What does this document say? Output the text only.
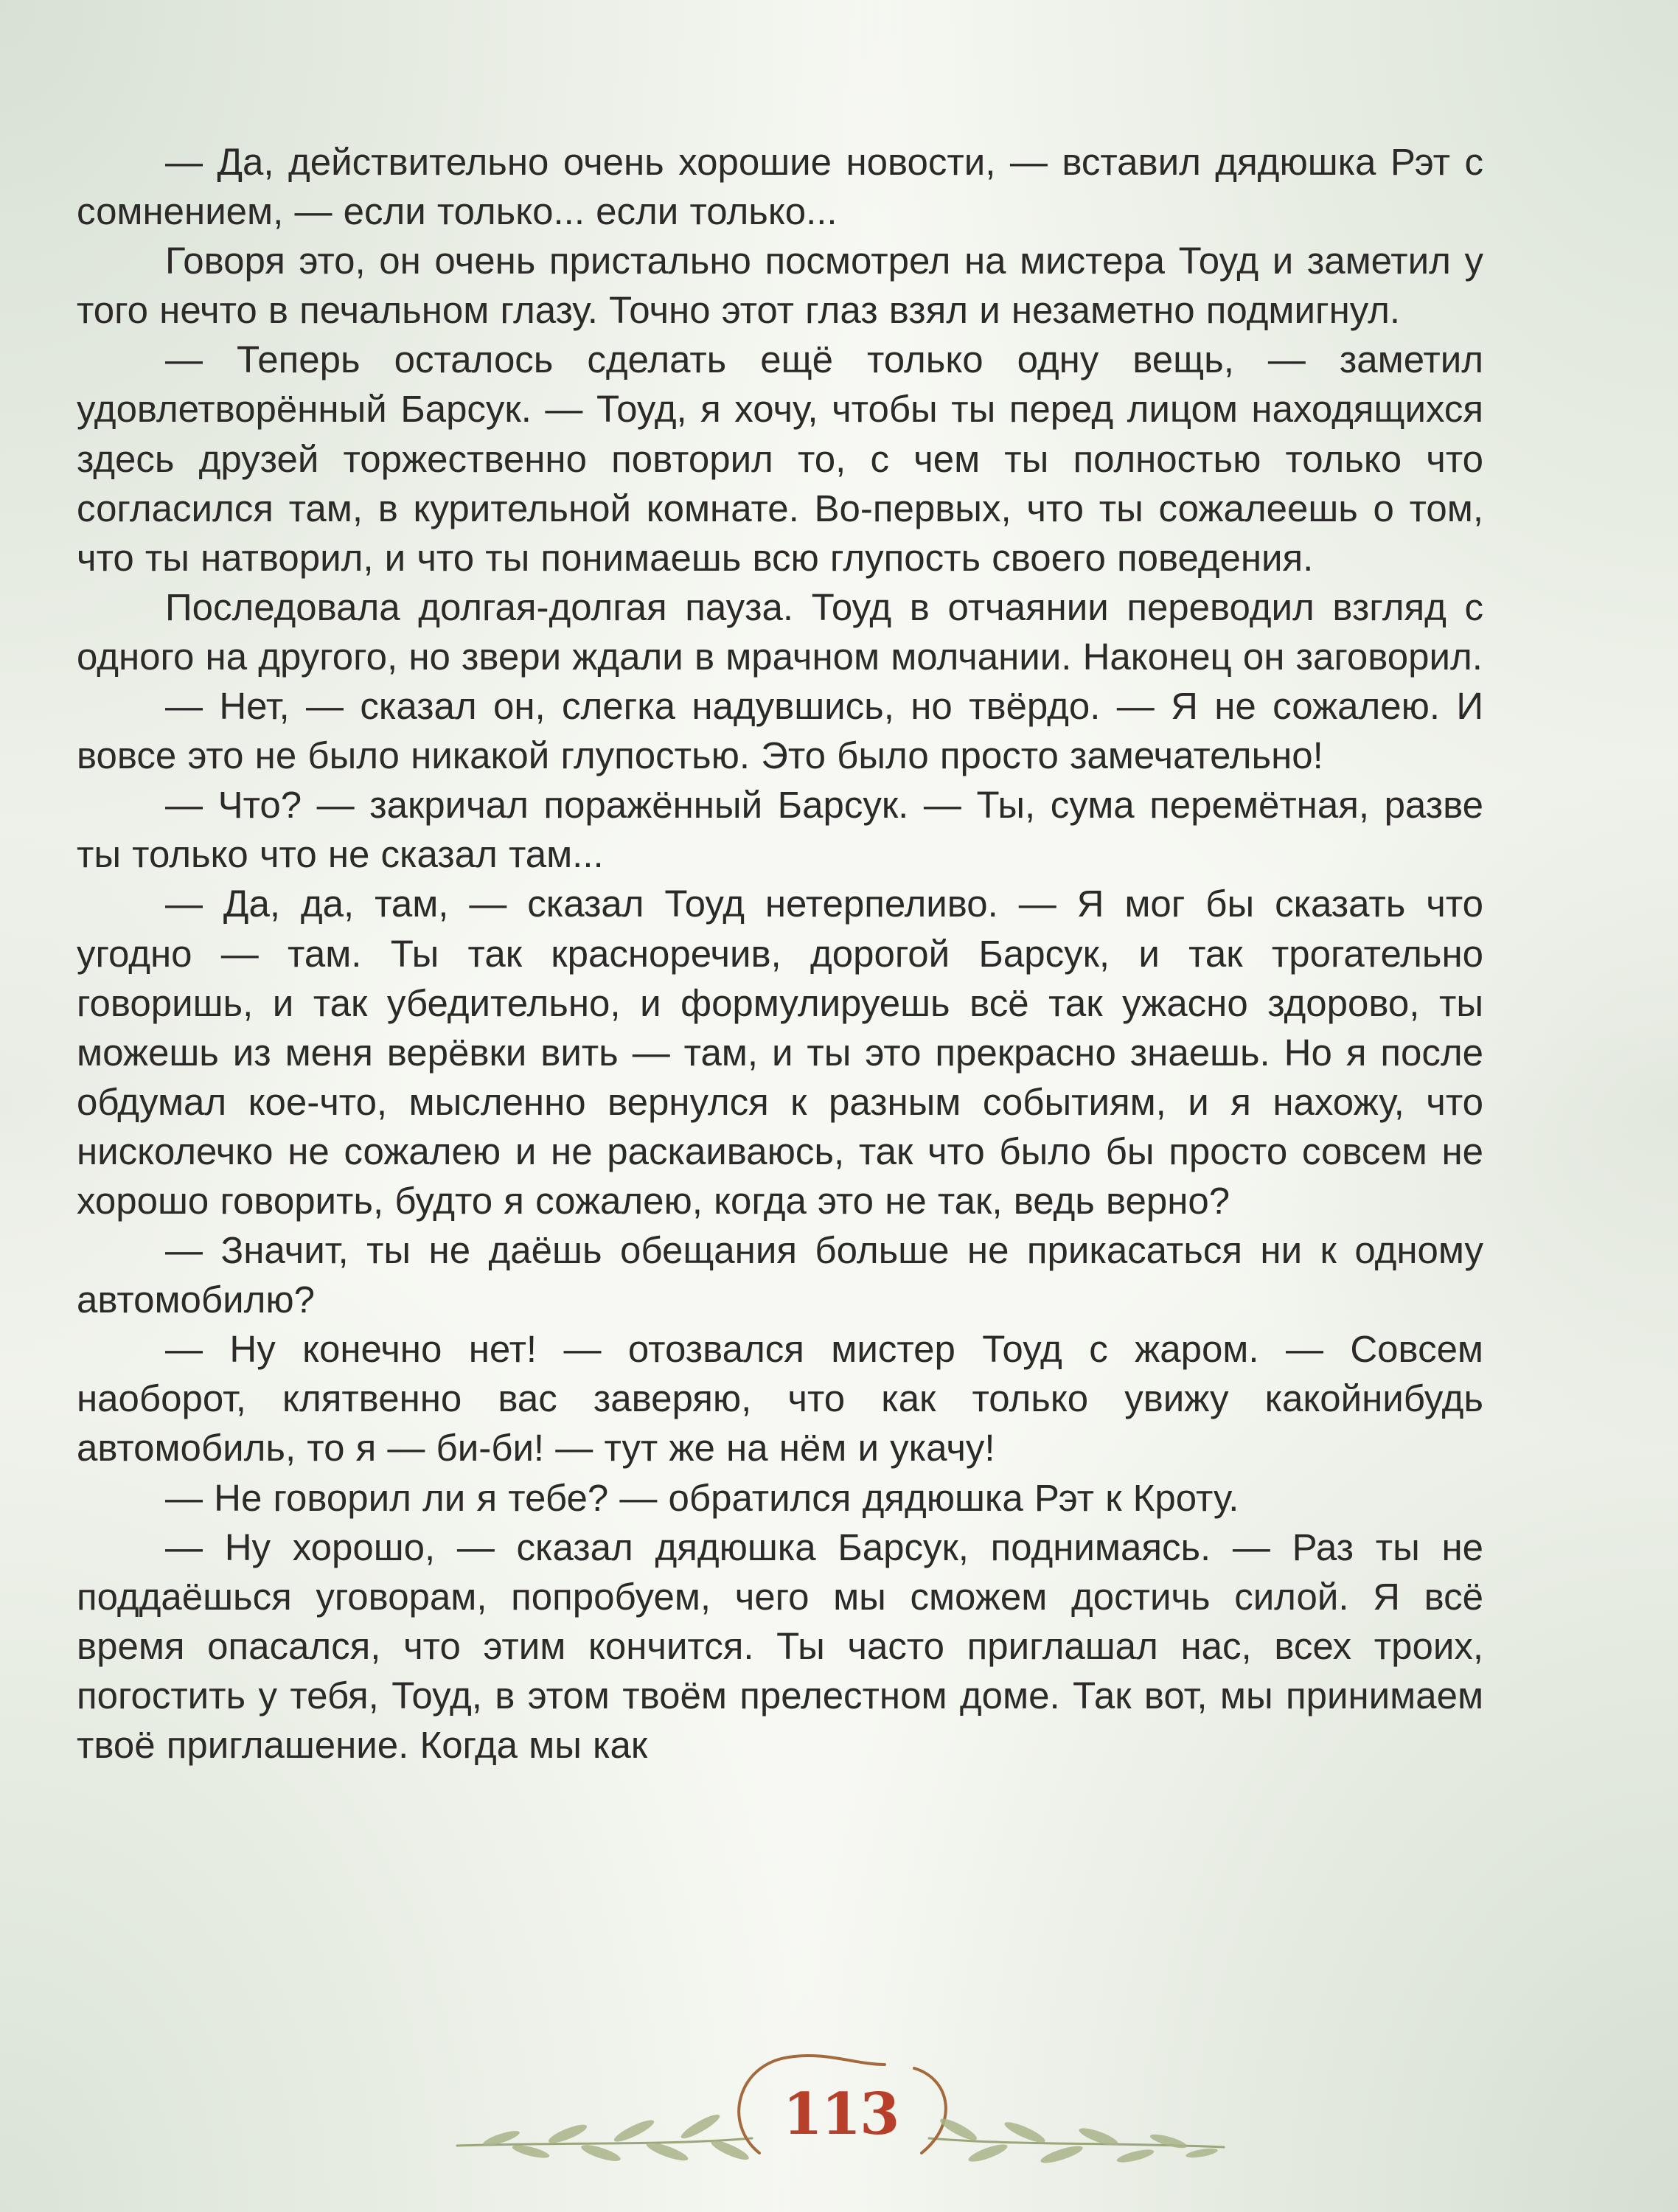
— Да, действительно очень хорошие новости, — вставил дядюшка Рэт с сомнением, — если только... если только...

Говоря это, он очень пристально посмотрел на мистера Тоуд и заметил у того нечто в печальном глазу. Точно этот глаз взял и незаметно подмигнул.

— Теперь осталось сделать ещё только одну вещь, — заметил удовлетворённый Барсук. — Тоуд, я хочу, чтобы ты перед лицом находящихся здесь друзей торжественно повторил то, с чем ты полностью только что согласился там, в курительной комнате. Во-первых, что ты сожалеешь о том, что ты натворил, и что ты понимаешь всю глупость своего поведения.

Последовала долгая-долгая пауза. Тоуд в отчаянии переводил взгляд с одного на другого, но звери ждали в мрачном молчании. Наконец он заговорил.

— Нет, — сказал он, слегка надувшись, но твёрдо. — Я не сожалею. И вовсе это не было никакой глупостью. Это было просто замечательно!

— Что? — закричал поражённый Барсук. — Ты, сума перемётная, разве ты только что не сказал там...

— Да, да, там, — сказал Тоуд нетерпеливо. — Я мог бы сказать что угодно — там. Ты так красноречив, дорогой Барсук, и так трогательно говоришь, и так убедительно, и формулируешь всё так ужасно здорово, ты можешь из меня верёвки вить — там, и ты это прекрасно знаешь. Но я после обдумал кое-что, мысленно вернулся к разным событиям, и я нахожу, что нисколечко не сожалею и не раскаиваюсь, так что было бы просто совсем не хорошо говорить, будто я сожалею, когда это не так, ведь верно?

— Значит, ты не даёшь обещания больше не прикасаться ни к одному автомобилю?

— Ну конечно нет! — отозвался мистер Тоуд с жаром. — Совсем наоборот, клятвенно вас заверяю, что как только увижу какойнибудь автомобиль, то я — би-би! — тут же на нём и укачу!

— Не говорил ли я тебе? — обратился дядюшка Рэт к Кроту.

— Ну хорошо, — сказал дядюшка Барсук, поднимаясь. — Раз ты не поддаёшься уговорам, попробуем, чего мы сможем достичь силой. Я всё время опасался, что этим кончится. Ты часто приглашал нас, всех троих, погостить у тебя, Тоуд, в этом твоём прелестном доме. Так вот, мы принимаем твоё приглашение. Когда мы как

113
